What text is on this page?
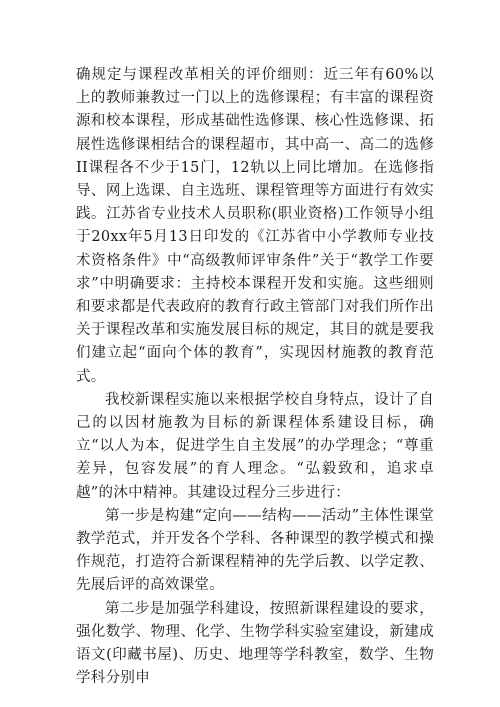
确规定与课程改革相关的评价细则：近三年有60%以上的教师兼教过一门以上的选修课程；有丰富的课程资源和校本课程，形成基础性选修课、核心性选修课、拓展性选修课相结合的课程超市，其中高一、高二的选修II课程各不少于15门，12轨以上同比增加。在选修指导、网上选课、自主选班、课程管理等方面进行有效实践。江苏省专业技术人员职称(职业资格)工作领导小组于20xx年5月13日印发的《江苏省中小学教师专业技术资格条件》中“高级教师评审条件”关于“教学工作要求”中明确要求：主持校本课程开发和实施。这些细则和要求都是代表政府的教育行政主管部门对我们所作出关于课程改革和实施发展目标的规定，其目的就是要我们建立起“面向个体的教育”，实现因材施教的教育范式。

我校新课程实施以来根据学校自身特点，设计了自己的以因材施教为目标的新课程体系建设目标，确立“以人为本，促进学生自主发展”的办学理念；“尊重差异，包容发展”的育人理念。“弘毅致和，追求卓越”的沐中精神。其建设过程分三步进行：

第一步是构建“定向——结构——活动”主体性课堂教学范式，并开发各个学科、各种课型的教学模式和操作规范，打造符合新课程精神的先学后教、以学定教、先展后评的高效课堂。

第二步是加强学科建设，按照新课程建设的要求，强化数学、物理、化学、生物学科实验室建设，新建成语文(印藏书屋)、历史、地理等学科教室，数学、生物学科分别申
